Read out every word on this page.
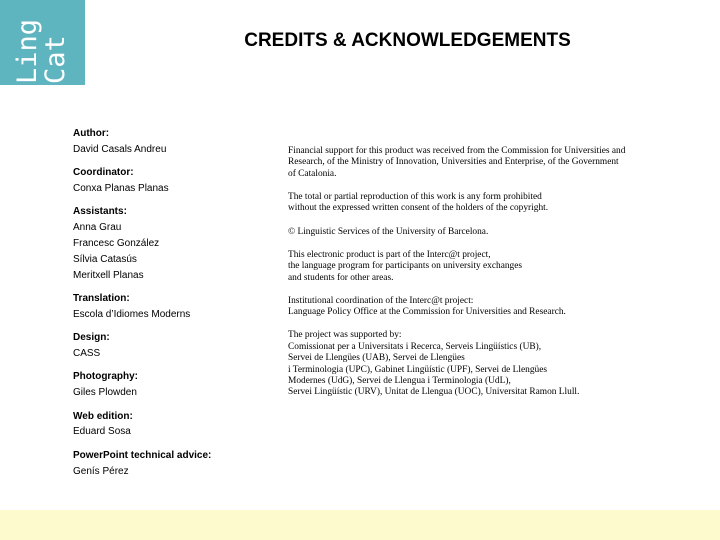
Ling
Cat	CREDITS & ACKNOWLEDGEMENTS
Author:
David Casals Andreu
Coordinator:
Conxa Planas Planas
Assistants:
Anna Grau
Francesc González
Sílvia Catasús
Meritxell Planas
Translation:
Escola d’Idiomes Moderns
Design:
CASS
Photography:
Giles Plowden
Web edition:
Eduard Sosa
PowerPoint technical advice:
Genís Pérez
Financial support for this product was received from the Commission for Universities and
Research, of the Ministry of Innovation, Universities and Enterprise, of the Government
of Catalonia.
The total or partial reproduction of this work is any form prohibited
without the expressed written consent of the holders of the copyright.
© Linguistic Services of the University of Barcelona.
This electronic product is part of the Interc@t project,
the language program for participants on university exchanges
and students for other areas.
Institutional coordination of the Interc@t project:
Language Policy Office at the Commission for Universities and Research.
The project was supported by:
Comissionat per a Universitats i Recerca, Serveis Lingüístics (UB),
Servei de Llengües (UAB), Servei de Llengües
i Terminologia (UPC), Gabinet Lingüístic (UPF), Servei de Llengües
Modernes (UdG), Servei de Llengua i Terminologia (UdL),
Servei Lingüístic (URV), Unitat de Llengua (UOC), Universitat Ramon Llull.
